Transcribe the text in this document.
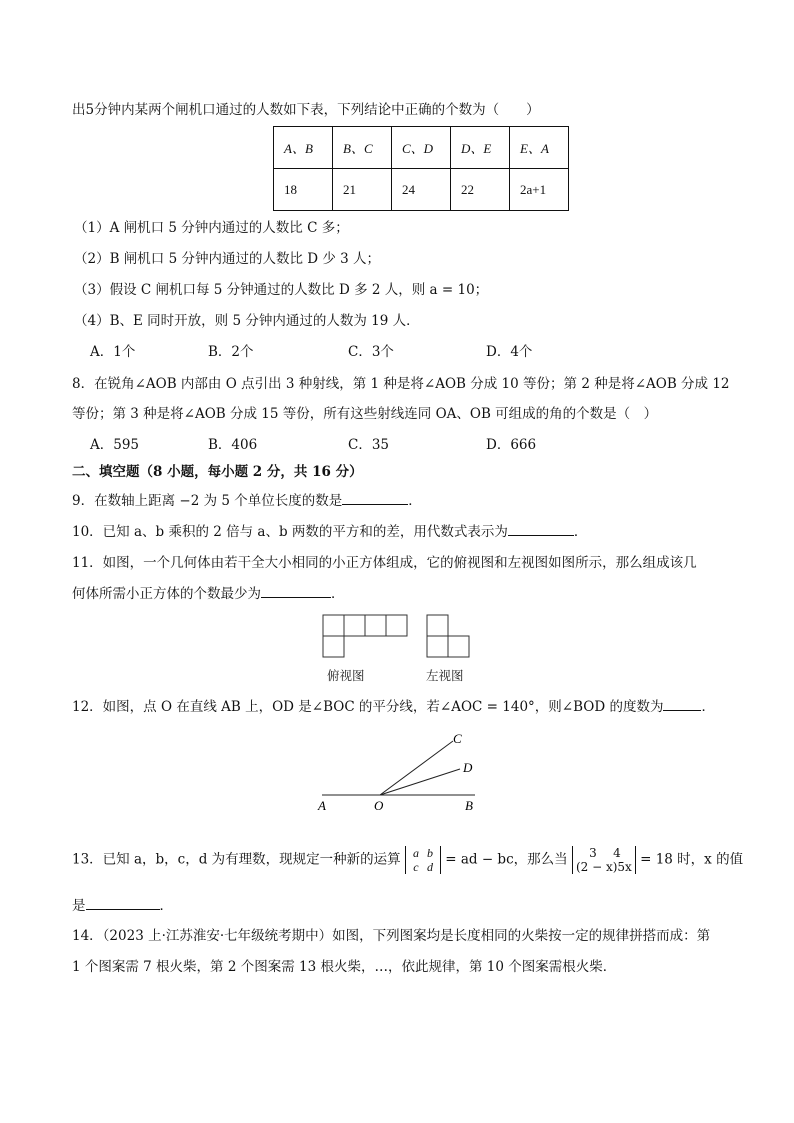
出5分钟内某两个闸机口通过的人数如下表，下列结论中正确的个数为（　　）
A、B	B、C	C、D	D、E	E、A
18	21	24	22	2a+1
（1）A 闸机口 5 分钟内通过的人数比 C 多；
（2）B 闸机口 5 分钟内通过的人数比 D 少 3 人；
（3）假设 C 闸机口每 5 分钟通过的人数比 D 多 2 人，则 a = 10；
（4）B、E 同时开放，则 5 分钟内通过的人数为 19 人．
A．1个	B．2个	C．3个	D．4个
8．在锐角∠AOB 内部由 O 点引出 3 种射线，第 1 种是将∠AOB 分成 10 等份；第 2 种是将∠AOB 分成 12
等份；第 3 种是将∠AOB 分成 15 等份，所有这些射线连同 OA、OB 可组成的角的个数是（　）
A．595	B．406	C．35	D．666
二、填空题（8 小题，每小题 2 分，共 16 分）
9．在数轴上距离 −2 为 5 个单位长度的数是	．
10．已知 a、b 乘积的 2 倍与 a、b 两数的平方和的差，用代数式表示为	．
11．如图，一个几何体由若干全大小相同的小正方体组成，它的俯视图和左视图如图所示，那么组成该几
何体所需小正方体的个数最少为	．
俯视图	左视图
12．如图，点 O 在直线 AB 上，OD 是∠BOC 的平分线，若∠AOC = 140°，则∠BOD 的度数为	．
A	O	B
C
D
13．已知 a，b，c，d 为有理数，现规定一种新的运算 a b
c d = ad − bc，那么当 3 4
(2 − x)5x = 18 时，x 的值
是	．
14．（2023 上·江苏淮安·七年级统考期中）如图，下列图案均是长度相同的火柴按一定的规律拼搭而成：第
1 个图案需 7 根火柴，第 2 个图案需 13 根火柴，…，依此规律，第 10 个图案需根火柴．
